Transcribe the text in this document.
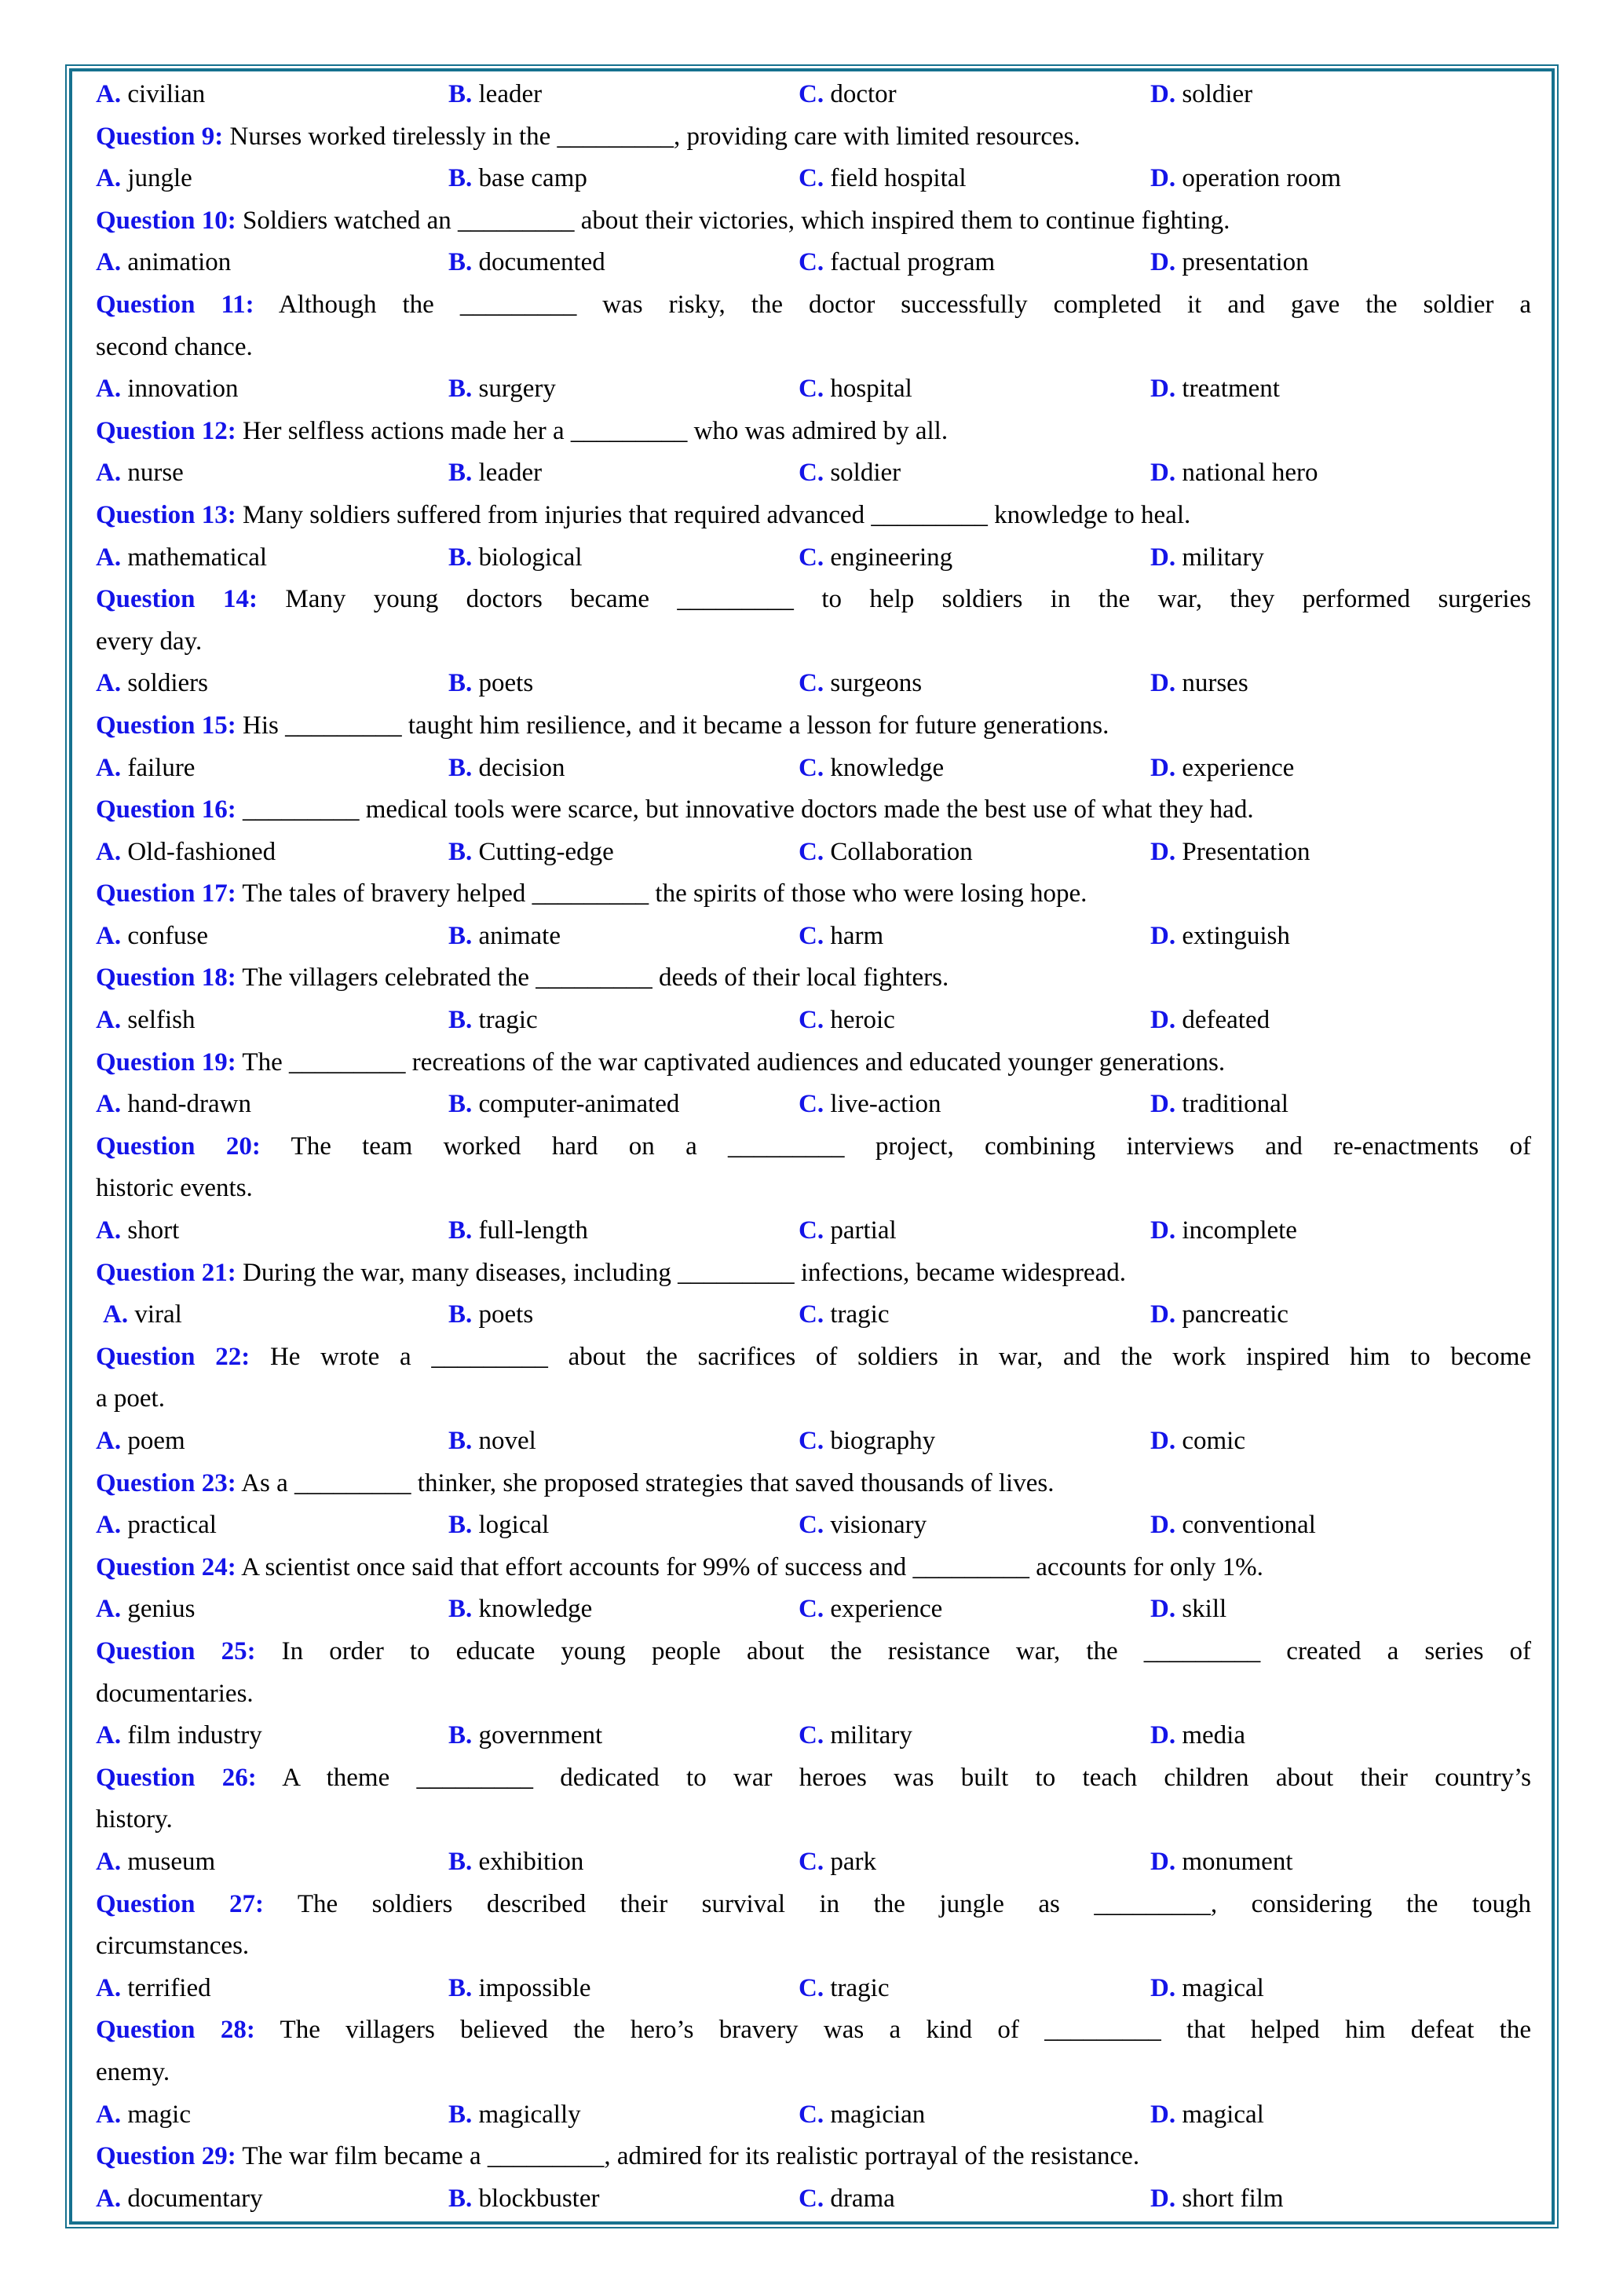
A. civilian	B. leader	C. doctor	D. soldier
Question 9: Nurses worked tirelessly in the _________, providing care with limited resources.
A. jungle	B. base camp	C. field hospital	D. operation room
Question 10: Soldiers watched an _________ about their victories, which inspired them to continue fighting.
A. animation	B. documented	C. factual program	D. presentation
Question 11: Although the _________ was risky, the doctor successfully completed it and gave the soldier a
second chance.
A. innovation	B. surgery	C. hospital	D. treatment
Question 12: Her selfless actions made her a _________ who was admired by all.
A. nurse	B. leader	C. soldier	D. national hero
Question 13: Many soldiers suffered from injuries that required advanced _________ knowledge to heal.
A. mathematical	B. biological	C. engineering	D. military
Question 14: Many young doctors became _________ to help soldiers in the war, they performed surgeries
every day.
A. soldiers	B. poets	C. surgeons	D. nurses
Question 15: His _________ taught him resilience, and it became a lesson for future generations.
A. failure	B. decision	C. knowledge	D. experience
Question 16: _________ medical tools were scarce, but innovative doctors made the best use of what they had.
A. Old-fashioned	B. Cutting-edge	C. Collaboration	D. Presentation
Question 17: The tales of bravery helped _________ the spirits of those who were losing hope.
A. confuse	B. animate	C. harm	D. extinguish
Question 18: The villagers celebrated the _________ deeds of their local fighters.
A. selfish	B. tragic	C. heroic	D. defeated
Question 19: The _________ recreations of the war captivated audiences and educated younger generations.
A. hand-drawn	B. computer-animated	C. live-action	D. traditional
Question 20: The team worked hard on a _________ project, combining interviews and re-enactments of
historic events.
A. short	B. full-length	C. partial	D. incomplete
Question 21: During the war, many diseases, including _________ infections, became widespread.
A. viral	B. poets	C. tragic	D. pancreatic
Question 22: He wrote a _________ about the sacrifices of soldiers in war, and the work inspired him to become
a poet.
A. poem	B. novel	C. biography	D. comic
Question 23: As a _________ thinker, she proposed strategies that saved thousands of lives.
A. practical	B. logical	C. visionary	D. conventional
Question 24: A scientist once said that effort accounts for 99% of success and _________ accounts for only 1%.
A. genius	B. knowledge	C. experience	D. skill
Question 25: In order to educate young people about the resistance war, the _________ created a series of
documentaries.
A. film industry	B. government	C. military	D. media
Question 26: A theme _________ dedicated to war heroes was built to teach children about their country’s
history.
A. museum	B. exhibition	C. park	D. monument
Question 27: The soldiers described their survival in the jungle as _________, considering the tough
circumstances.
A. terrified	B. impossible	C. tragic	D. magical
Question 28: The villagers believed the hero’s bravery was a kind of _________ that helped him defeat the
enemy.
A. magic	B. magically	C. magician	D. magical
Question 29: The war film became a _________, admired for its realistic portrayal of the resistance.
A. documentary	B. blockbuster	C. drama	D. short film
